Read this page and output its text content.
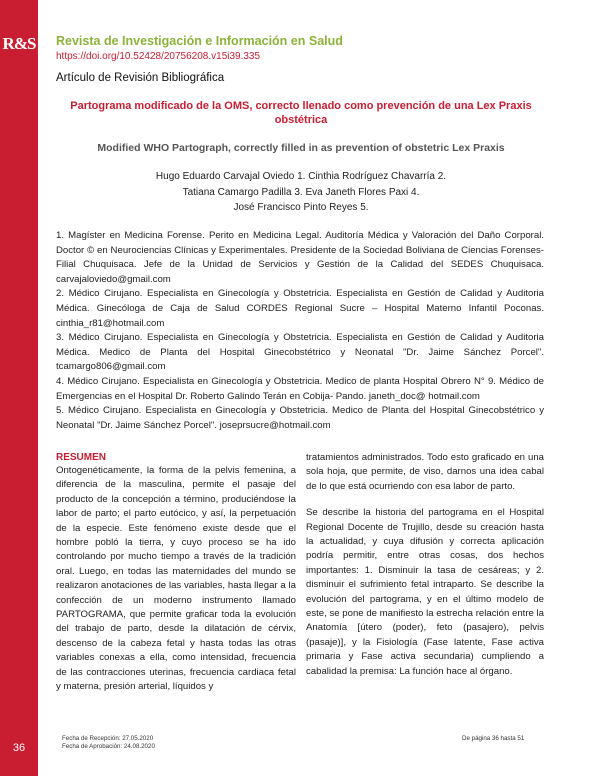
R&S
36
Revista de Investigación e Información en Salud
https://doi.org/10.52428/20756208.v15i39.335
Artículo de Revisión Bibliográfica
Partograma modificado de la OMS, correcto llenado como prevención de una Lex Praxis obstétrica
Modified WHO Partograph, correctly filled in as prevention of obstetric Lex Praxis
Hugo Eduardo Carvajal Oviedo 1. Cinthia Rodríguez Chavarría 2.
Tatiana Camargo Padilla 3. Eva Janeth Flores Paxi 4.
José Francisco Pinto Reyes 5.

1. Magíster en Medicina Forense. Perito en Medicina Legal. Auditoría Médica y Valoración del Daño Corporal. Doctor © en Neurociencias Clínicas y Experimentales. Presidente de la Sociedad Boliviana de Ciencias Forenses- Filial Chuquisaca. Jefe de la Unidad de Servicios y Gestión de la Calidad del SEDES Chuquisaca. carvajaloviedo@gmail.com

2. Médico Cirujano. Especialista en Ginecología y Obstetricia. Especialista en Gestión de Calidad y Auditoria Médica. Ginecóloga de Caja de Salud CORDES Regional Sucre – Hospital Materno Infantil Poconas. cinthia_r81@hotmail.com

3. Médico Cirujano. Especialista en Ginecología y Obstetricia. Especialista en Gestión de Calidad y Auditoria Médica. Medico de Planta del Hospital Ginecobstétrico y Neonatal "Dr. Jaime Sánchez Porcel". tcamargo806@gmail.com

4. Médico Cirujano. Especialista en Ginecología y Obstetricia. Medico de planta Hospital Obrero N° 9. Médico de Emergencias en el Hospital Dr. Roberto Galindo Terán en Cobija- Pando. janeth_doc@ hotmail.com

5. Médico Cirujano. Especialista en Ginecología y Obstetricia. Medico de Planta del Hospital Ginecobstétrico y Neonatal "Dr. Jaime Sánchez Porcel". joseprsucre@hotmail.com

RESUMEN

Ontogenéticamente, la forma de la pelvis femenina, a diferencia de la masculina, permite el pasaje del producto de la concepción a término, produciéndose la labor de parto; el parto eutócico, y así, la perpetuación de la especie. Este fenómeno existe desde que el hombre pobló la tierra, y cuyo proceso se ha ido controlando por mucho tiempo a través de la tradición oral. Luego, en todas las maternidades del mundo se realizaron anotaciones de las variables, hasta llegar a la confección de un moderno instrumento llamado PARTOGRAMA, que permite graficar toda la evolución del trabajo de parto, desde la dilatación de cérvix, descenso de la cabeza fetal y hasta todas las otras variables conexas a ella, como intensidad, frecuencia de las contracciones uterinas, frecuencia cardiaca fetal y materna, presión arterial, líquidos y

tratamientos administrados. Todo esto graficado en una sola hoja, que permite, de viso, darnos una idea cabal de lo que está ocurriendo con esa labor de parto.

Se describe la historia del partograma en el Hospital Regional Docente de Trujillo, desde su creación hasta la actualidad, y cuya difusión y correcta aplicación podría permitir, entre otras cosas, dos hechos importantes: 1. Disminuir la tasa de cesáreas; y 2. disminuir el sufrimiento fetal intraparto. Se describe la evolución del partograma, y en el último modelo de este, se pone de manifiesto la estrecha relación entre la Anatomía [útero (poder), feto (pasajero), pelvis (pasaje)], y la Fisiología (Fase latente, Fase activa primaria y Fase activa secundaria) cumpliendo a cabalidad la premisa: La función hace al órgano.

Fecha de Recepción: 27.05.2020
Fecha de Aprobación: 24.08.2020
De página 36 hasta 51
